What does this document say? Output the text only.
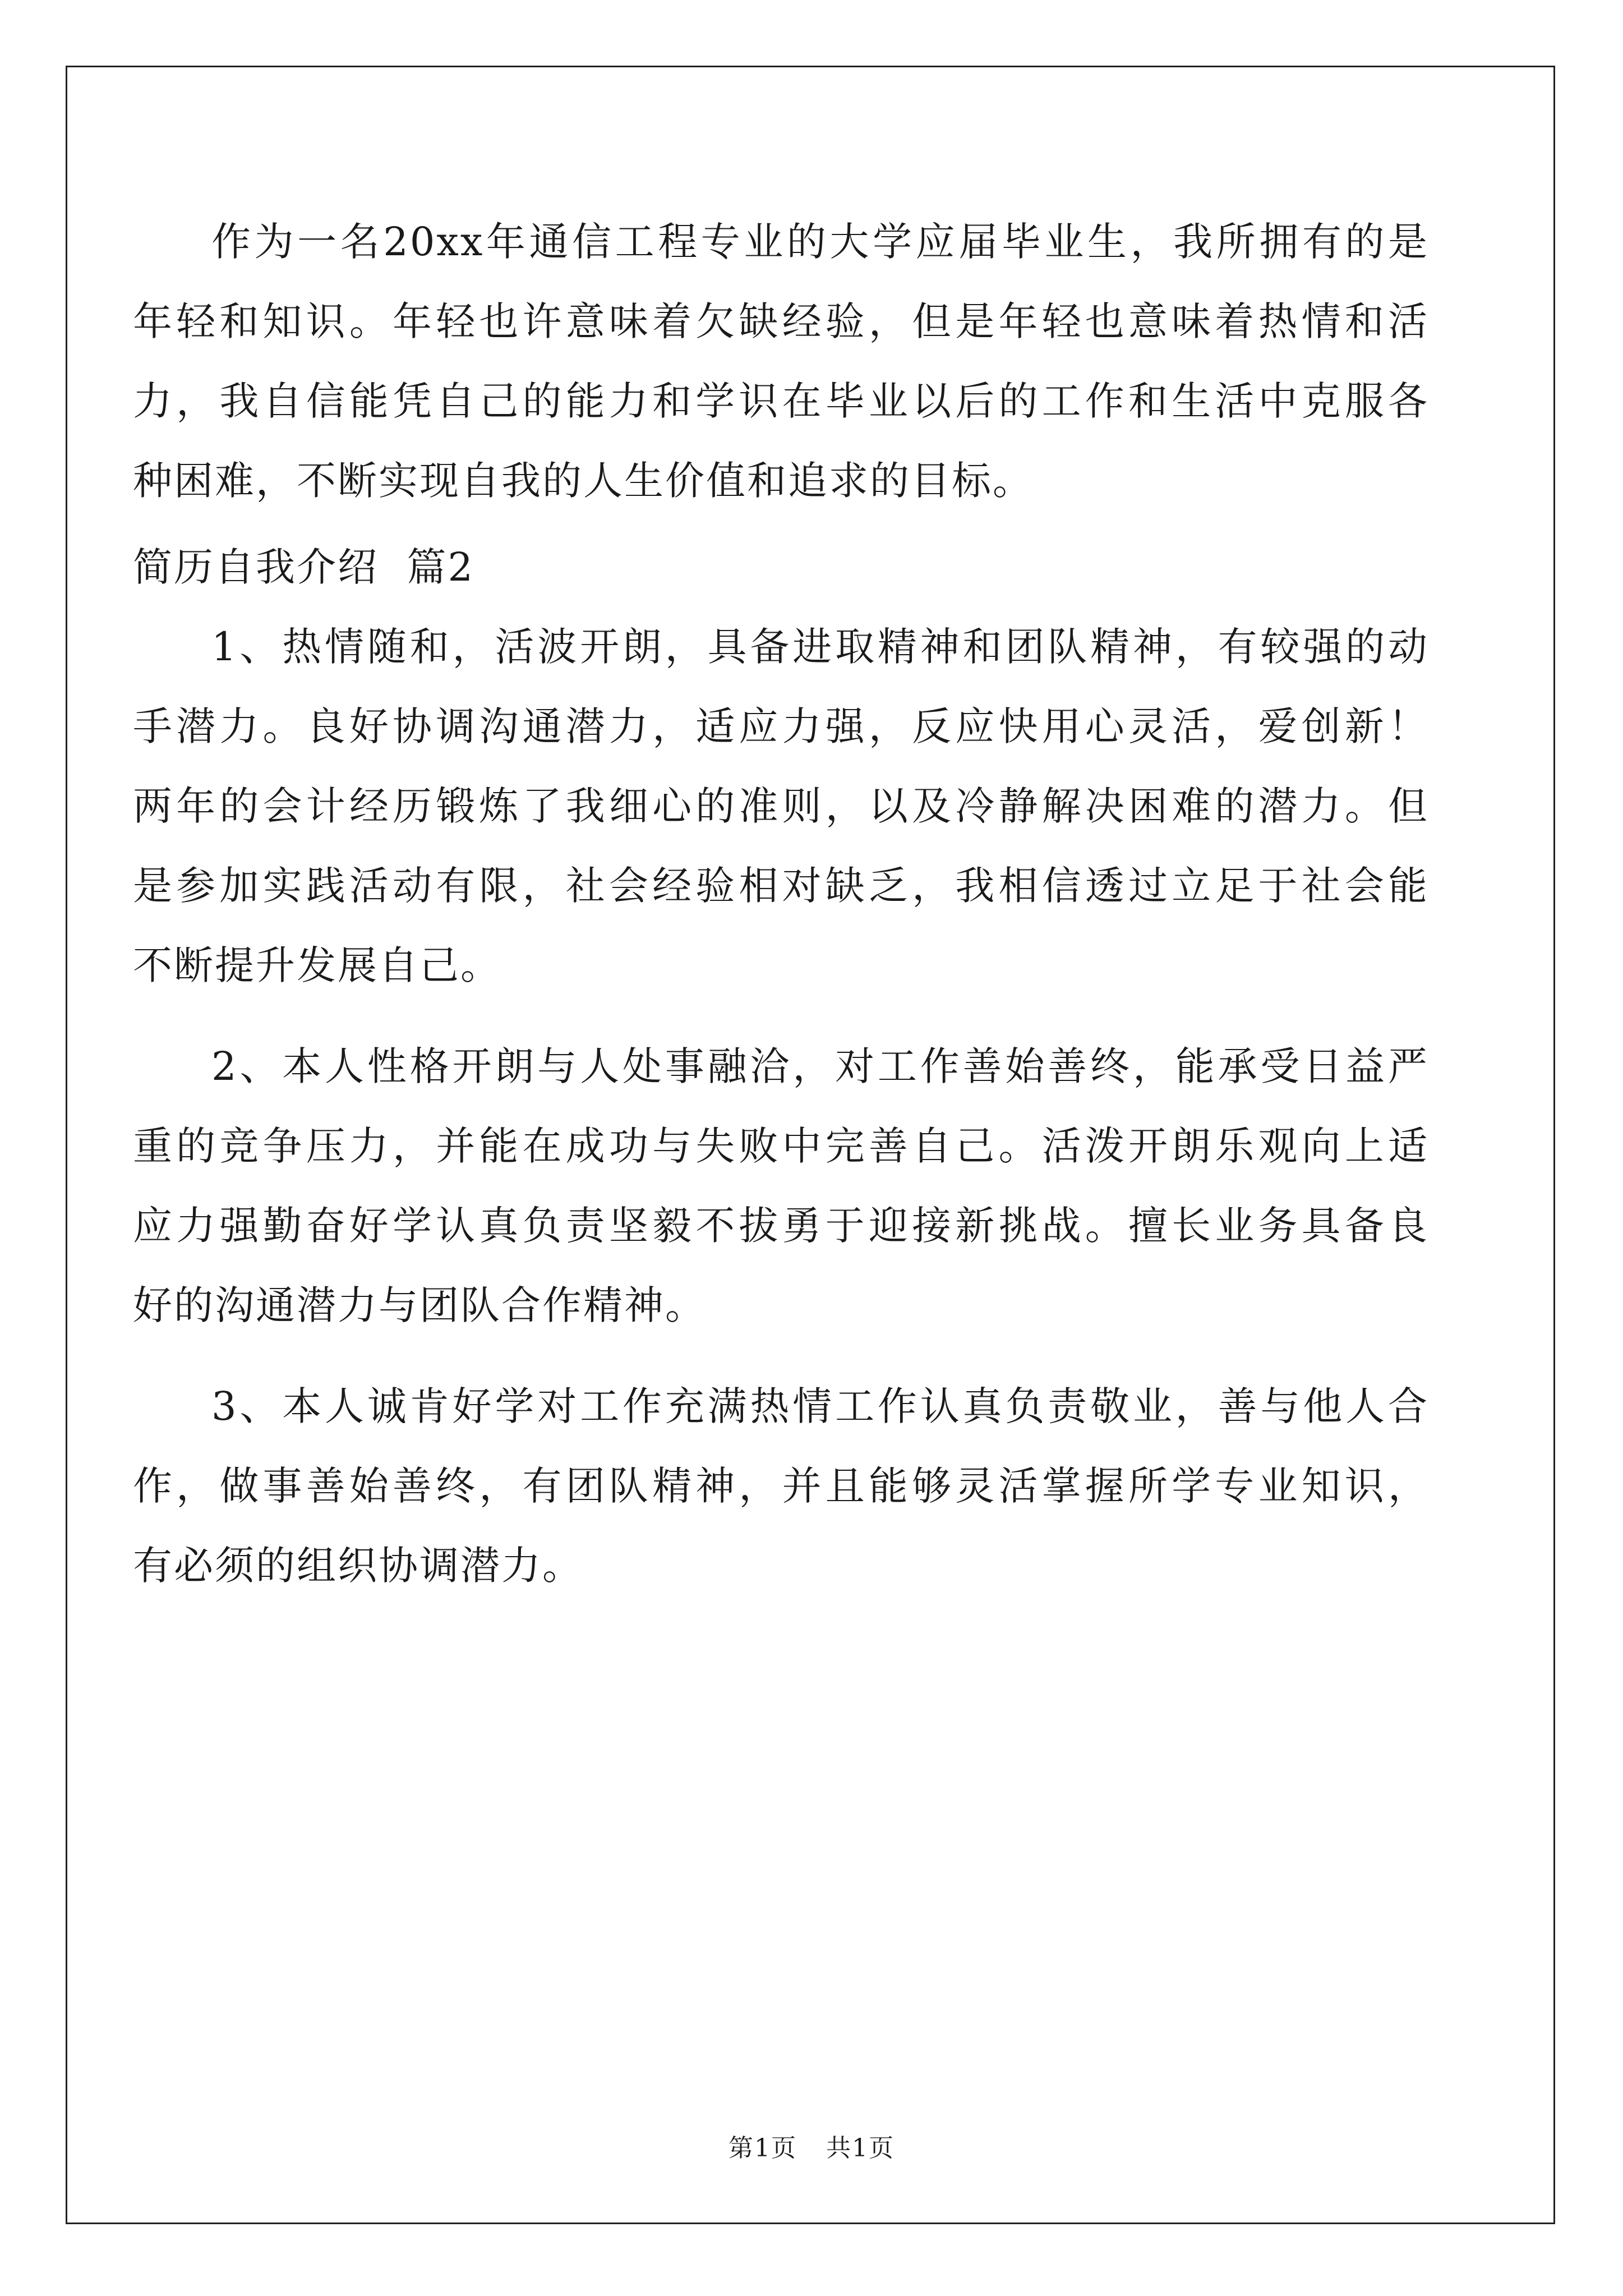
作为一名20xx年通信工程专业的大学应届毕业生，我所拥有的是
年轻和知识。年轻也许意味着欠缺经验，但是年轻也意味着热情和活
力，我自信能凭自己的能力和学识在毕业以后的工作和生活中克服各
种困难，不断实现自我的人生价值和追求的目标。
简历自我介绍  篇2
1、热情随和，活波开朗，具备进取精神和团队精神，有较强的动
手潜力。良好协调沟通潜力，适应力强，反应快用心灵活，爱创新！
两年的会计经历锻炼了我细心的准则，以及冷静解决困难的潜力。但
是参加实践活动有限，社会经验相对缺乏，我相信透过立足于社会能
不断提升发展自己。
2、本人性格开朗与人处事融洽，对工作善始善终，能承受日益严
重的竞争压力，并能在成功与失败中完善自己。活泼开朗乐观向上适
应力强勤奋好学认真负责坚毅不拔勇于迎接新挑战。擅长业务具备良
好的沟通潜力与团队合作精神。
3、本人诚肯好学对工作充满热情工作认真负责敬业，善与他人合
作，做事善始善终，有团队精神，并且能够灵活掌握所学专业知识，
有必须的组织协调潜力。
第1页 共1页
